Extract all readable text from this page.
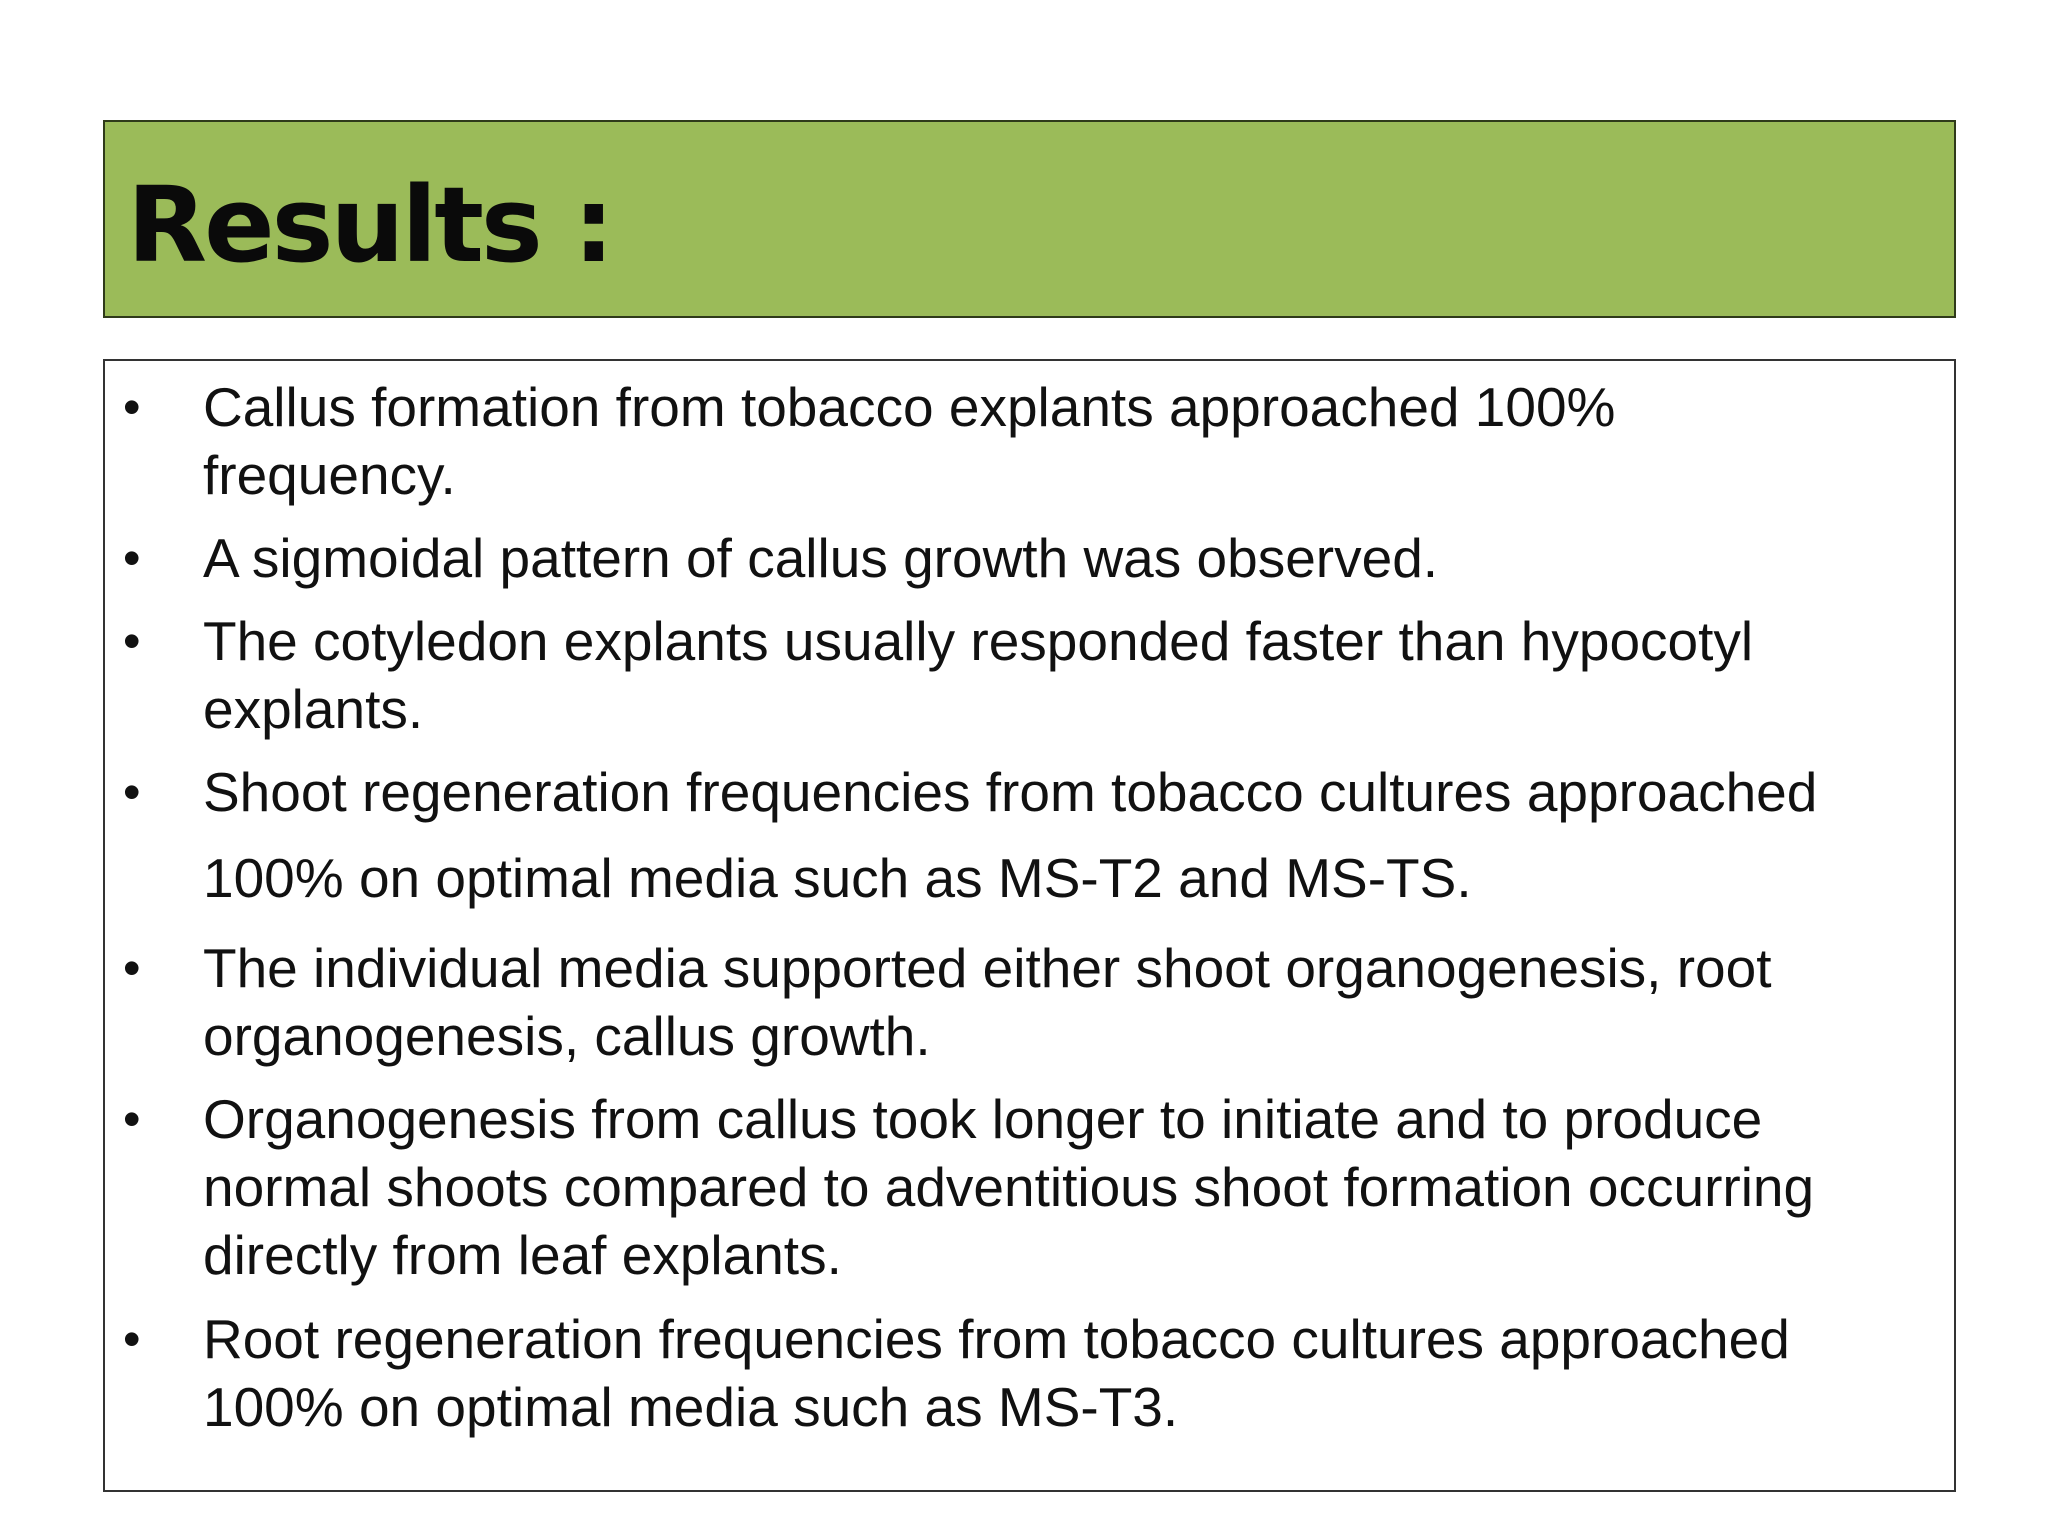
Results :
• Callus formation from tobacco explants approached 100%
frequency.
• A sigmoidal pattern of callus growth was observed.
• The cotyledon explants usually responded faster than hypocotyl
explants.
• Shoot regeneration frequencies from tobacco cultures approached
100% on optimal media such as MS-T2 and MS-TS.
• The individual media supported either shoot organogenesis, root
organogenesis, callus growth.
• Organogenesis from callus took longer to initiate and to produce
normal shoots compared to adventitious shoot formation occurring
directly from leaf explants.
• Root regeneration frequencies from tobacco cultures approached
100% on optimal media such as MS-T3.
